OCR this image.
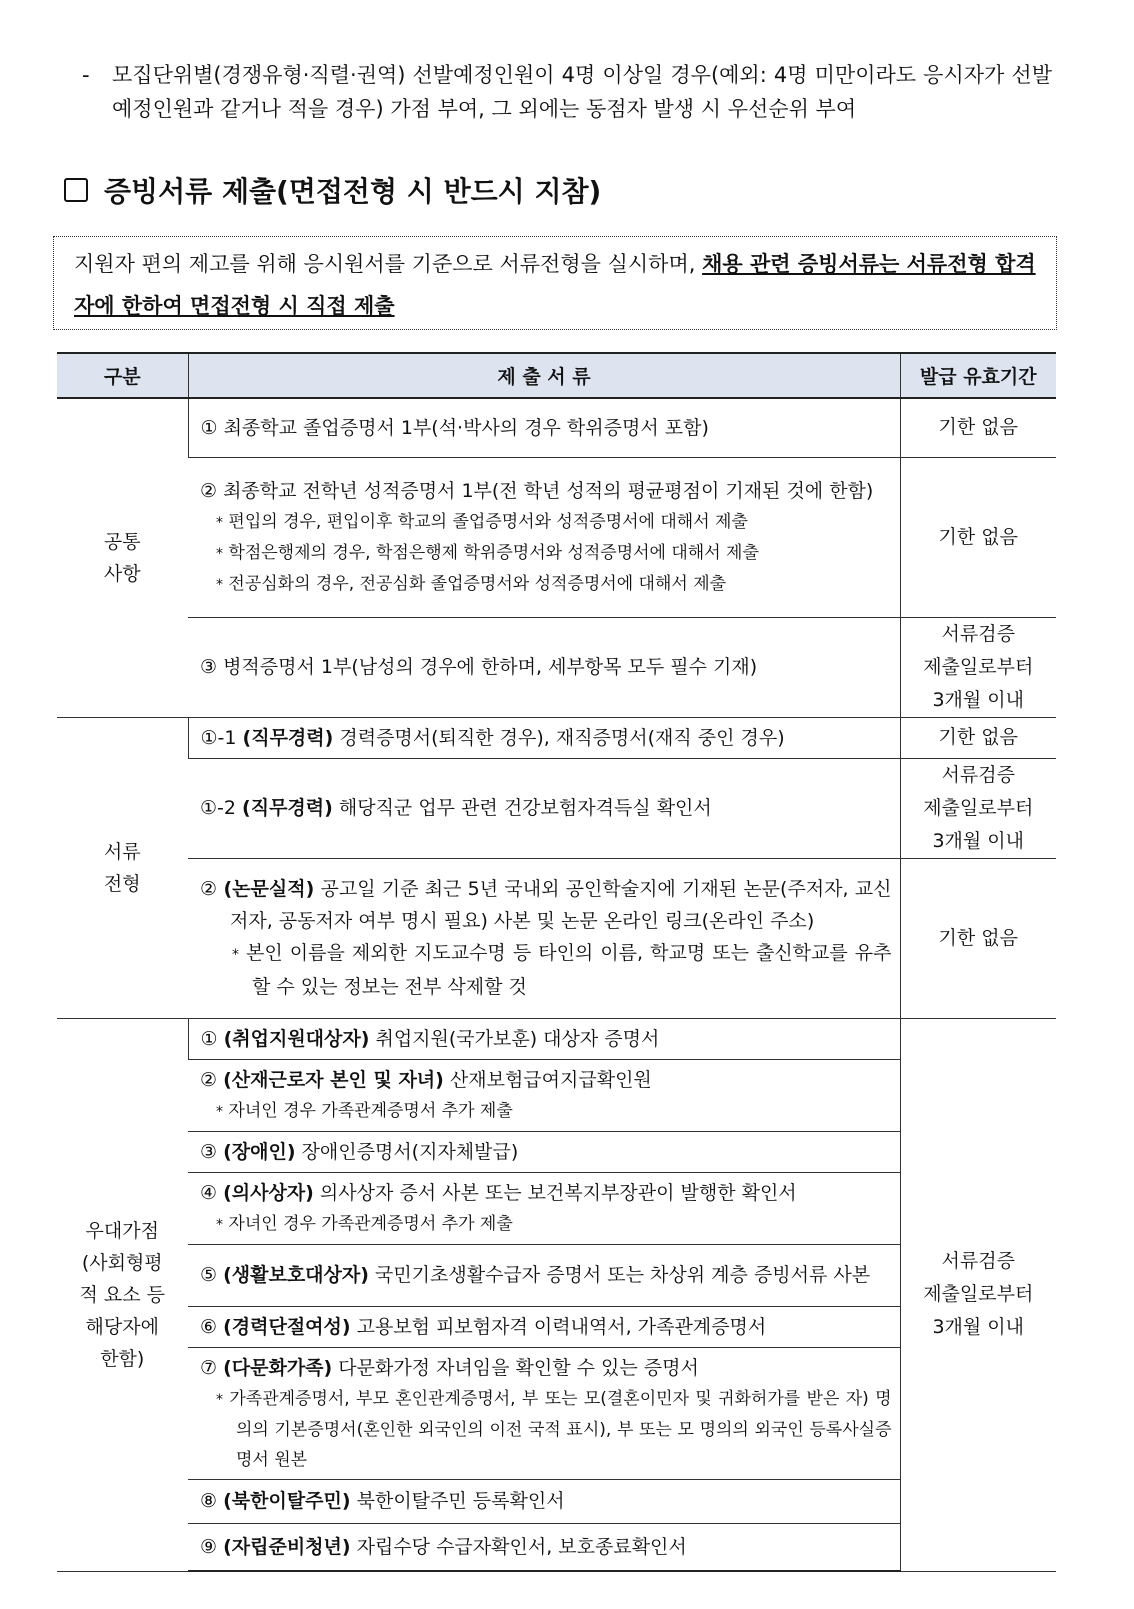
- 모집단위별(경쟁유형·직렬·권역) 선발예정인원이 4명 이상일 경우(예외: 4명 미만이라도 응시자가 선발예정인원과 같거나 적을 경우) 가점 부여, 그 외에는 동점자 발생 시 우선순위 부여
증빙서류 제출(면접전형 시 반드시 지참)
지원자 편의 제고를 위해 응시원서를 기준으로 서류전형을 실시하며, 채용 관련 증빙서류는 서류전형 합격자에 한하여 면접전형 시 직접 제출
구분	제 출 서 류	발급 유효기간

공통
사항	① 최종학교 졸업증명서 1부(석·박사의 경우 학위증명서 포함)	기한 없음

	② 최종학교 전학년 성적증명서 1부(전 학년 성적의 평균평점이 기재된 것에 한함)
* 편입의 경우, 편입이후 학교의 졸업증명서와 성적증명서에 대해서 제출
* 학점은행제의 경우, 학점은행제 학위증명서와 성적증명서에 대해서 제출
* 전공심화의 경우, 전공심화 졸업증명서와 성적증명서에 대해서 제출	기한 없음

	③ 병적증명서 1부(남성의 경우에 한하며, 세부항목 모두 필수 기재)	서류검증
제출일로부터
3개월 이내

서류
전형	①-1 (직무경력) 경력증명서(퇴직한 경우), 재직증명서(재직 중인 경우)	기한 없음

	①-2 (직무경력) 해당직군 업무 관련 건강보험자격득실 확인서	서류검증
제출일로부터
3개월 이내

	② (논문실적) 공고일 기준 최근 5년 국내외 공인학술지에 기재된 논문(주저자, 교신저자, 공동저자 여부 명시 필요) 사본 및 논문 온라인 링크(온라인 주소)
* 본인 이름을 제외한 지도교수명 등 타인의 이름, 학교명 또는 출신학교를 유추할 수 있는 정보는 전부 삭제할 것	기한 없음

우대가점
(사회형평
적 요소 등
해당자에
한함)	① (취업지원대상자) 취업지원(국가보훈) 대상자 증명서	서류검증
제출일로부터
3개월 이내

	② (산재근로자 본인 및 자녀) 산재보험급여지급확인원
* 자녀인 경우 가족관계증명서 추가 제출	

	③ (장애인) 장애인증명서(지자체발급)	

	④ (의사상자) 의사상자 증서 사본 또는 보건복지부장관이 발행한 확인서
* 자녀인 경우 가족관계증명서 추가 제출	

	⑤ (생활보호대상자) 국민기초생활수급자 증명서 또는 차상위 계층 증빙서류 사본	

	⑥ (경력단절여성) 고용보험 피보험자격 이력내역서, 가족관계증명서	

	⑦ (다문화가족) 다문화가정 자녀임을 확인할 수 있는 증명서
* 가족관계증명서, 부모 혼인관계증명서, 부 또는 모(결혼이민자 및 귀화허가를 받은 자) 명의의 기본증명서(혼인한 외국인의 이전 국적 표시), 부 또는 모 명의의 외국인 등록사실증명서 원본	

	⑧ (북한이탈주민) 북한이탈주민 등록확인서	

	⑨ (자립준비청년) 자립수당 수급자확인서, 보호종료확인서	
